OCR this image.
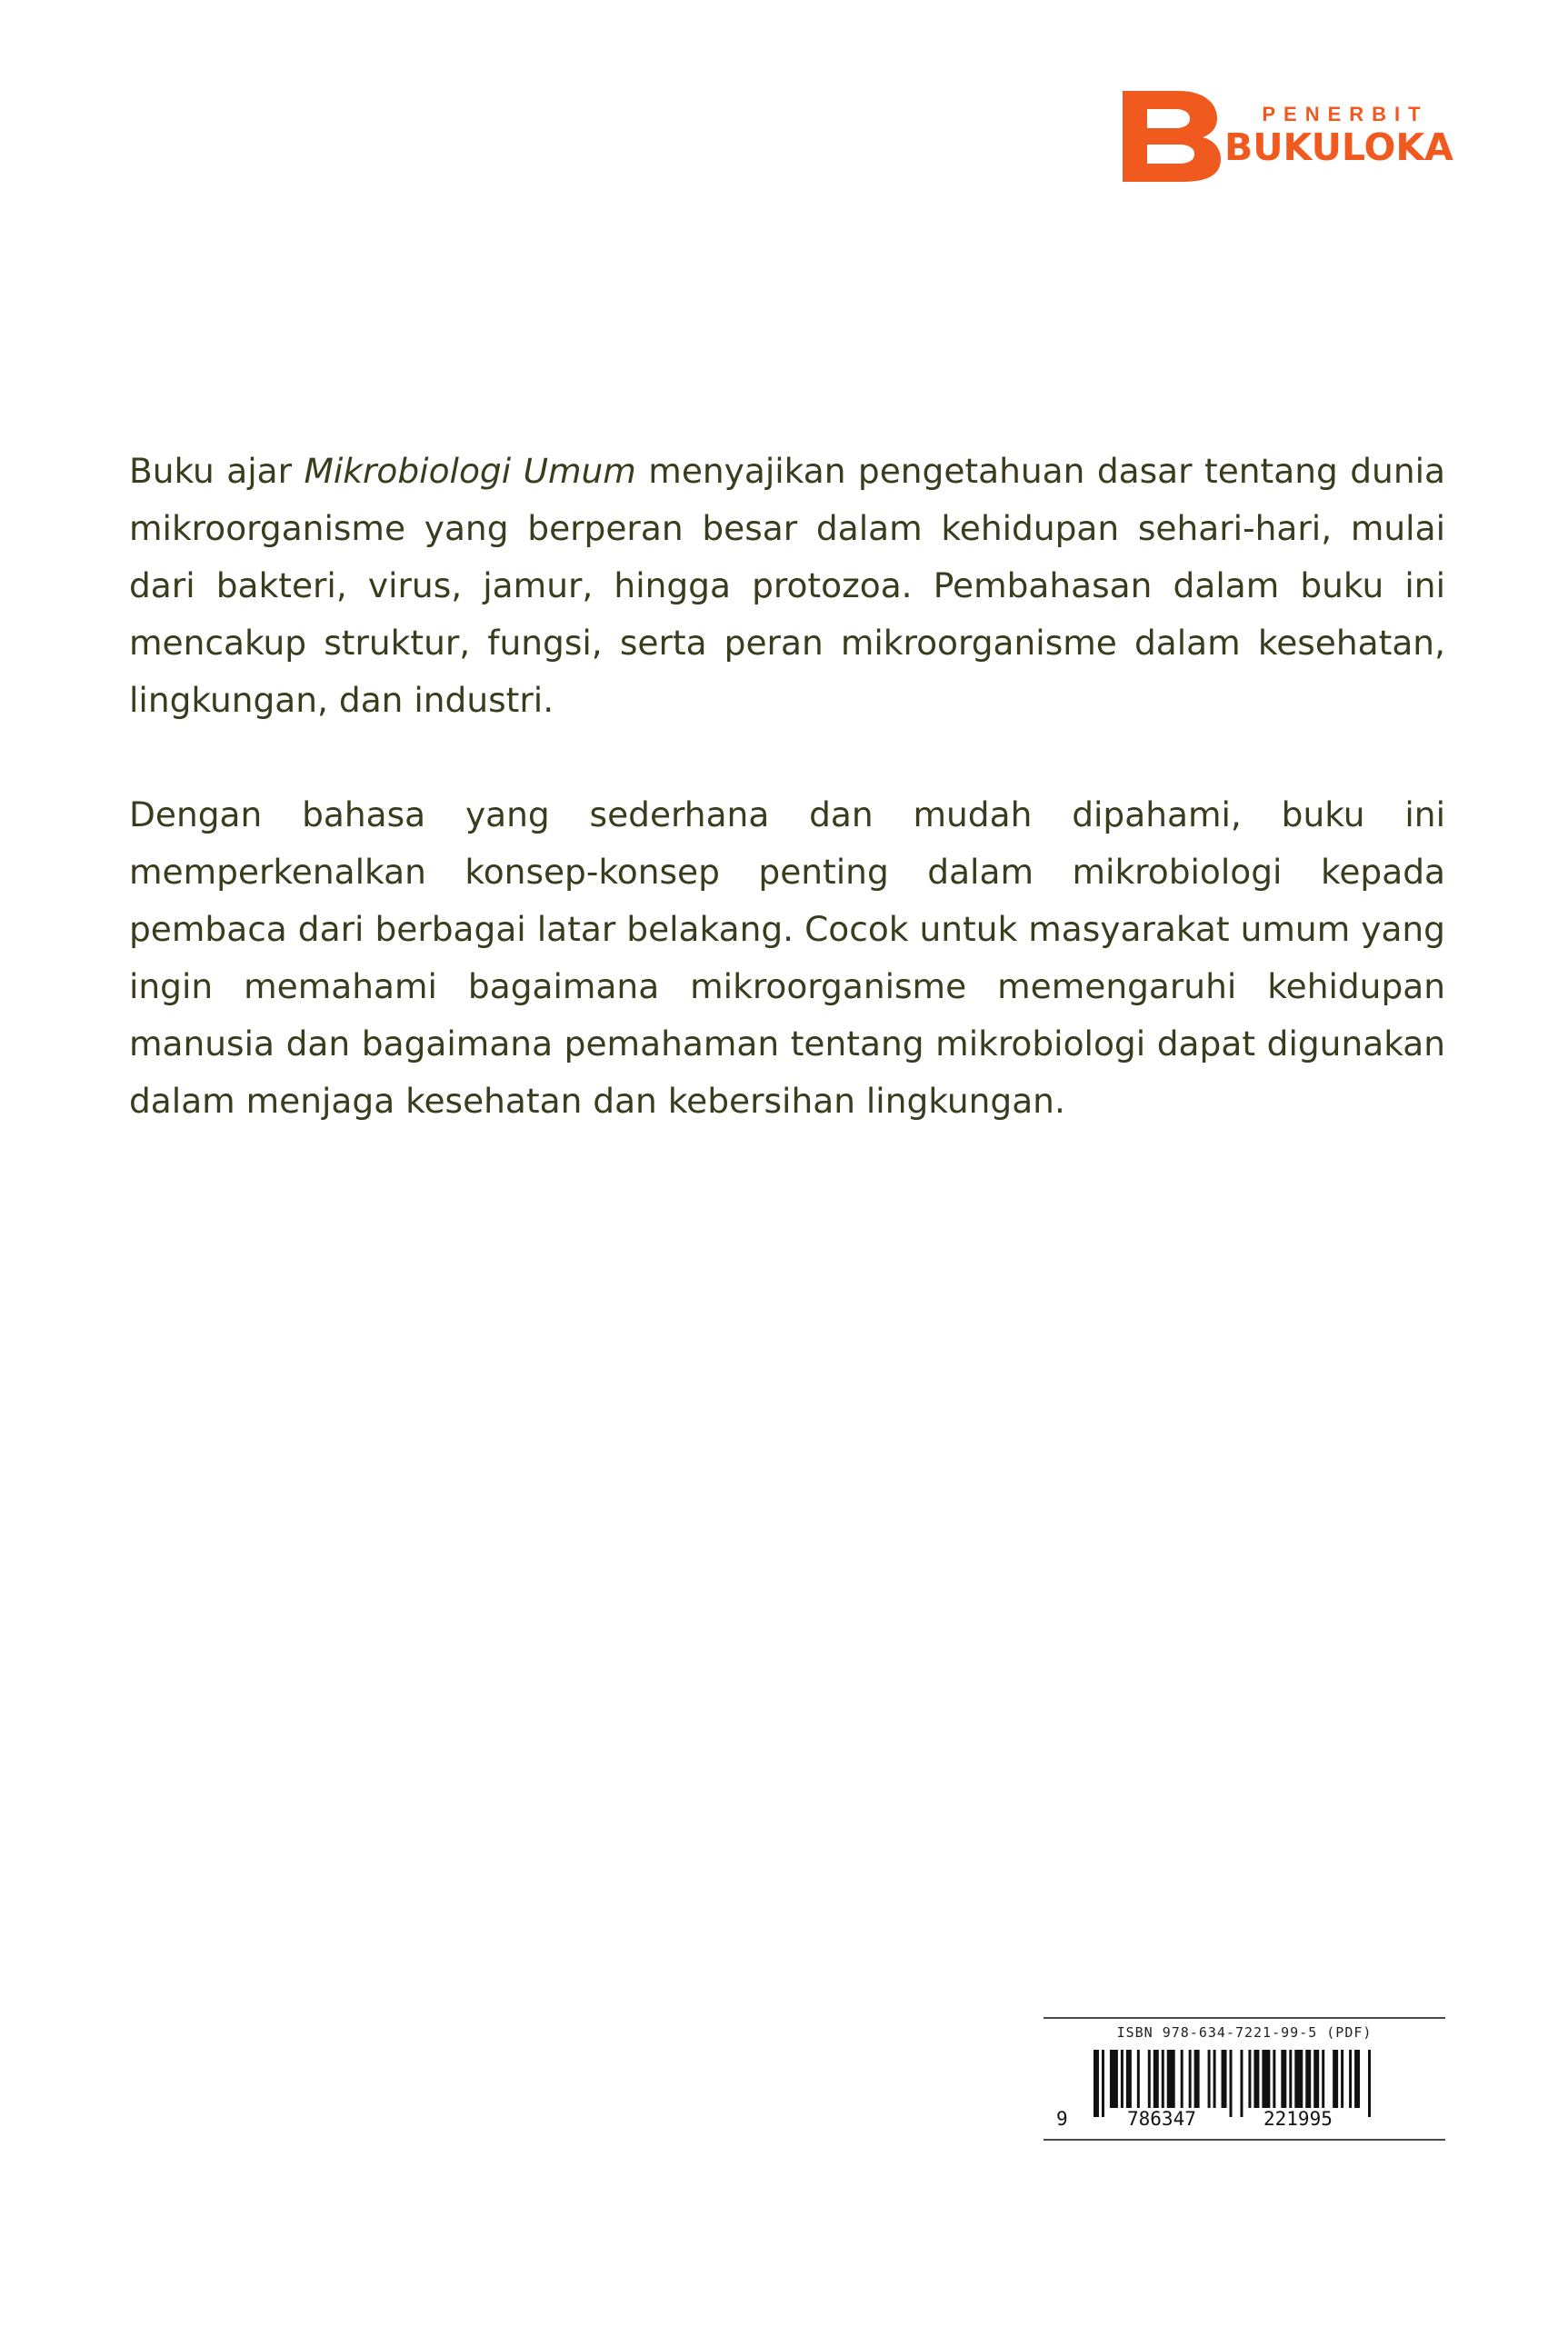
PENERBIT
BUKULOKA

Buku ajar Mikrobiologi Umum menyajikan pengetahuan dasar tentang dunia mikroorganisme yang berperan besar dalam kehidupan sehari-hari, mulai dari bakteri, virus, jamur, hingga protozoa. Pembahasan dalam buku ini mencakup struktur, fungsi, serta peran mikroorganisme dalam kesehatan, lingkungan, dan industri.

Dengan bahasa yang sederhana dan mudah dipahami, buku ini memperkenalkan konsep-konsep penting dalam mikrobiologi kepada pembaca dari berbagai latar belakang. Cocok untuk masyarakat umum yang ingin memahami bagaimana mikroorganisme memengaruhi kehidupan manusia dan bagaimana pemahaman tentang mikrobiologi dapat digunakan dalam menjaga kesehatan dan kebersihan lingkungan.

ISBN 978-634-7221-99-5 (PDF)
9	786347	221995
